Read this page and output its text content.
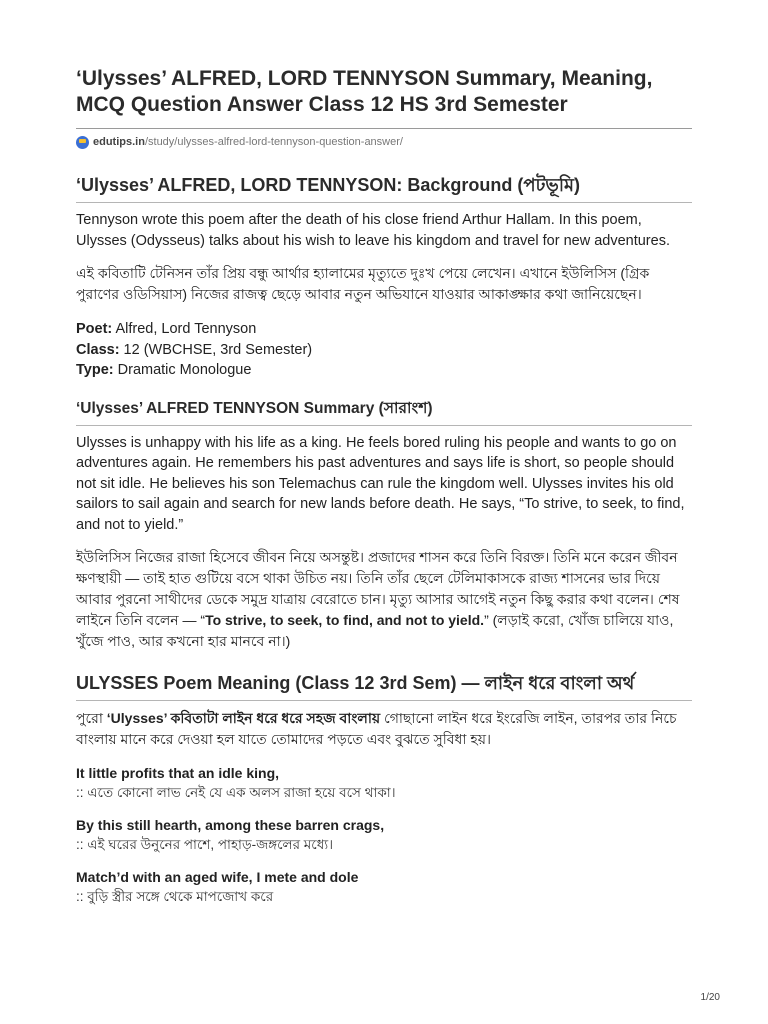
‘Ulysses’ ALFRED, LORD TENNYSON Summary, Meaning, MCQ Question Answer Class 12 HS 3rd Semester
edutips.in /study/ulysses-alfred-lord-tennyson-question-answer/
‘Ulysses’ ALFRED, LORD TENNYSON: Background (পটভূমি)

Tennyson wrote this poem after the death of his close friend Arthur Hallam. In this poem, Ulysses (Odysseus) talks about his wish to leave his kingdom and travel for new adventures.

এই কবিতাটি টেনিসন তাঁর প্রিয় বন্ধু আর্থার হ্যালামের মৃত্যুতে দুঃখ পেয়ে লেখেন। এখানে ইউলিসিস (গ্রিক পুরাণের ওডিসিয়াস) নিজের রাজত্ব ছেড়ে আবার নতুন অভিযানে যাওয়ার আকাঙ্ক্ষার কথা জানিয়েছেন।

Poet: Alfred, Lord Tennyson
Class: 12 (WBCHSE, 3rd Semester)
Type: Dramatic Monologue
‘Ulysses’ ALFRED TENNYSON Summary (সারাংশ)

Ulysses is unhappy with his life as a king. He feels bored ruling his people and wants to go on adventures again. He remembers his past adventures and says life is short, so people should not sit idle. He believes his son Telemachus can rule the kingdom well. Ulysses invites his old sailors to sail again and search for new lands before death. He says, “To strive, to seek, to find, and not to yield.”

ইউলিসিস নিজের রাজা হিসেবে জীবন নিয়ে অসন্তুষ্ট। প্রজাদের শাসন করে তিনি বিরক্ত। তিনি মনে করেন জীবন ক্ষণস্থায়ী — তাই হাত গুটিয়ে বসে থাকা উচিত নয়। তিনি তাঁর ছেলে টেলিমাকাসকে রাজ্য শাসনের ভার দিয়ে আবার পুরনো সাথীদের ডেকে সমুদ্র যাত্রায় বেরোতে চান। মৃত্যু আসার আগেই নতুন কিছু করার কথা বলেন। শেষ লাইনে তিনি বলেন — “To strive, to seek, to find, and not to yield.” (লড়াই করো, খোঁজ চালিয়ে যাও, খুঁজে পাও, আর কখনো হার মানবে না।)

ULYSSES Poem Meaning (Class 12 3rd Sem) — লাইন ধরে বাংলা অর্থ

পুরো ‘Ulysses’ কবিতাটা লাইন ধরে ধরে সহজ বাংলায় গোছানো লাইন ধরে ইংরেজি লাইন, তারপর তার নিচে বাংলায় মানে করে দেওয়া হল যাতে তোমাদের পড়তে এবং বুঝতে সুবিধা হয়।

It little profits that an idle king,
:: এতে কোনো লাভ নেই যে এক অলস রাজা হয়ে বসে থাকা।
By this still hearth, among these barren crags,
:: এই ঘরের উনুনের পাশে, পাহাড়-জঙ্গলের মধ্যে।
Match’d with an aged wife, I mete and dole
:: বুড়ি স্ত্রীর সঙ্গে থেকে মাপজোখ করে
1/20
